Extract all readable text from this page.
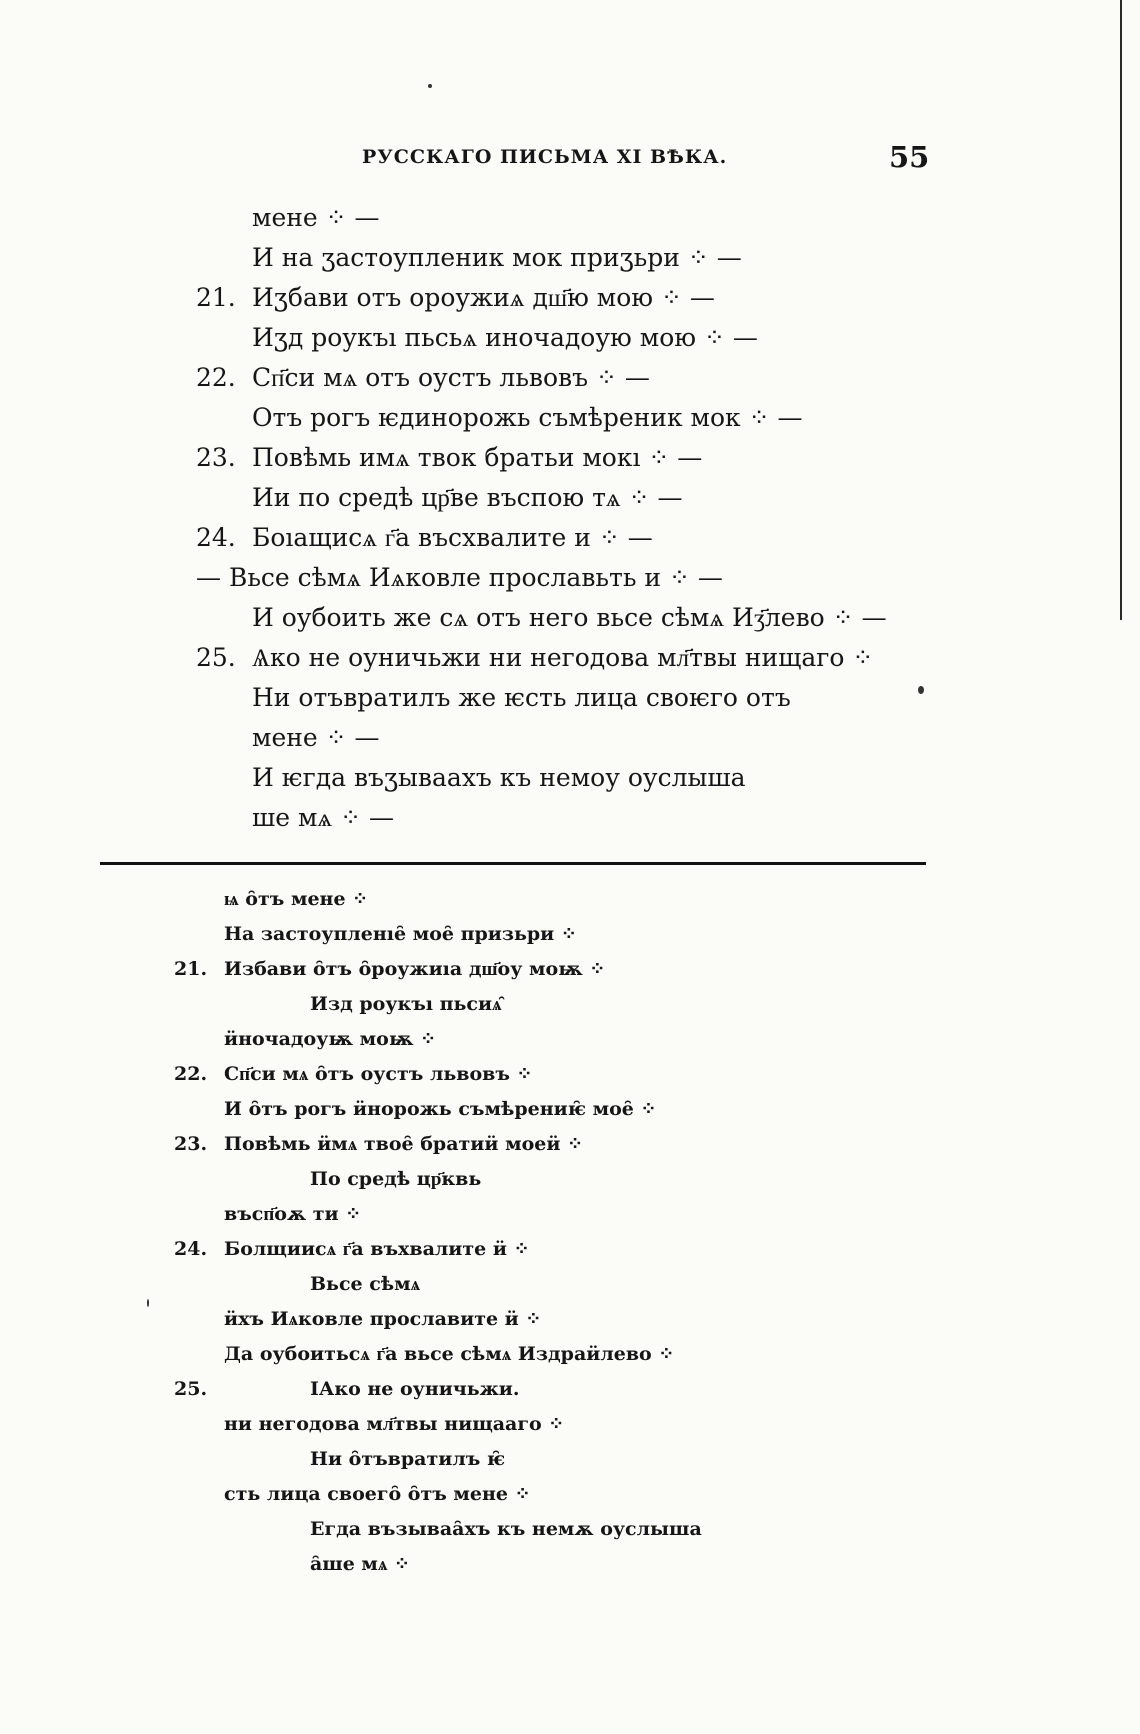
РУССКАГО ПИСЬМА XI ВѢКА.	55
мене ⁘ —
И на ӡастоупленик мок приӡьри ⁘ —
21. Иӡбави отъ ороужиѧ дш҃ю мою ⁘ —
Иӡд роукъı пьсьѧ иночадоую мою ⁘ —
22. Сп҃си мѧ отъ оустъ львовъ ⁘ —
Отъ рогъ ѥдинорожь съмѣреник мок ⁘ —
23. Повѣмь имѧ твок братьи мокı ⁘ —
Ии по средѣ цр҃ве въспою тѧ ⁘ —
24. Боıащисѧ г҃а въсхвалите и ⁘ —
— Вьсе сѣмѧ Иѧковле прославьть и ⁘ —
И оубоить же сѧ отъ него вьсе сѣмѧ Иӡ҃лево ⁘ —
25. Ѧко не оуничьжи ни негодова мл҃твы нищаго ⁘
Ни отъвратилъ же ѥсть лица своѥго отъ
мене ⁘ —
И ѥгда въӡываахъ къ немоу оуслыша
ше мѧ ⁘ —
ѩ о̑тъ мене ⁘
На застоупленıе̑ мое̑ призьри ⁘
21. Избави о̑тъ о̑роужиıа дш҃оу моѭ ⁘
Изд роукъı пьсиѧ̑
ӥночадоуѭ моѭ ⁘
22. Сп҃си мѧ о̑тъ оустъ львовъ ⁘
И о̑тъ рогъ ӥнорожь съмѣрениѥ̑ мое̑ ⁘
23. Повѣмь ӥмѧ твое̑ братиӥ моеӥ ⁘
По средѣ цр҃квь
въсп҃оѫ ти ⁘
24. Болщиисѧ г҃а въхвалите ӥ ⁘
Вьсе сѣмѧ
ӥхъ Иѧковле прославите ӥ ⁘
Да оубоитьсѧ г҃а вьсе сѣмѧ Издраӥлево ⁘
25.	ІАко не оуничьжи.
ни негодова мл҃твы нищааго ⁘
Ни о̑тъвратилъ ѥ̑
сть лица своего̑ о̑тъ мене ⁘
Егда възываа̑хъ къ немѫ оуслыша
а̑ше мѧ ⁘
